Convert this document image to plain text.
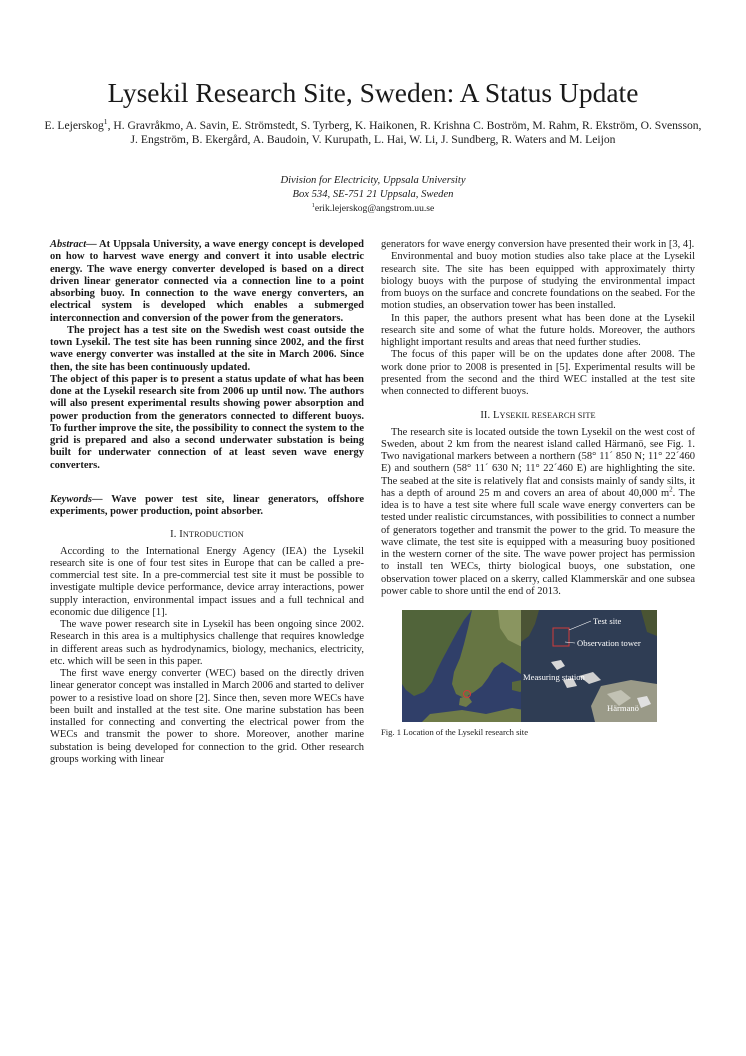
Lysekil Research Site, Sweden: A Status Update
E. Lejerskog$^1$, H. Gravråkmo, A. Savin, E. Strömstedt, S. Tyrberg, K. Haikonen, R. Krishna C. Boström, M. Rahm, R. Ekström, O. Svensson, J. Engström, B. Ekergård, A. Baudoin, V. Kurupath, L. Hai, W. Li, J. Sundberg, R. Waters and M. Leijon
Division for Electricity, Uppsala University
Box 534, SE-751 21 Uppsala, Sweden
$^1$erik.lejerskog@angstrom.uu.se

Abstract— At Uppsala University, a wave energy concept is developed on how to harvest wave energy and convert it into usable electric energy. The wave energy converter developed is based on a direct driven linear generator connected via a connection line to a point absorbing buoy. In connection to the wave energy converters, an electrical system is developed which enables a submerged interconnection and conversion of the power from the generators.

The project has a test site on the Swedish west coast outside the town Lysekil. The test site has been running since 2002, and the first wave energy converter was installed at the site in March 2006. Since then, the site has been continuously updated.

The object of this paper is to present a status update of what has been done at the Lysekil research site from 2006 up until now. The authors will also present experimental results showing power absorption and power production from the generators connected to different buoys. To further improve the site, the possibility to connect the system to the grid is prepared and also a second underwater substation is being built for underwater connection of at least seven wave energy converters.

Keywords— Wave power test site, linear generators, offshore experiments, power production, point absorber.

I. INTRODUCTION

According to the International Energy Agency (IEA) the Lysekil research site is one of four test sites in Europe that can be called a pre-commercial test site. In a pre-commercial test site it must be possible to investigate multiple device performance, device array interactions, power supply interaction, environmental impact issues and a full technical and economic due diligence [1].

The wave power research site in Lysekil has been ongoing since 2002. Research in this area is a multiphysics challenge that requires knowledge in different areas such as hydrodynamics, biology, mechanics, electricity, etc. which will be seen in this paper.

The first wave energy converter (WEC) based on the directly driven linear generator concept was installed in March 2006 and started to deliver power to a resistive load on shore [2]. Since then, seven more WECs have been built and installed at the test site. One marine substation has been installed for connecting and converting the electrical power from the WECs and transmit the power to shore. Moreover, another marine substation is being developed for connection to the grid. Other research groups working with linear

generators for wave energy conversion have presented their work in [3, 4].

Environmental and buoy motion studies also take place at the Lysekil research site. The site has been equipped with approximately thirty biology buoys with the purpose of studying the environmental impact from buoys on the surface and concrete foundations on the seabed. For the motion studies, an observation tower has been installed.

In this paper, the authors present what has been done at the Lysekil research site and some of what the future holds. Moreover, the authors highlight important results and areas that need further studies.

The focus of this paper will be on the updates done after 2008. The work done prior to 2008 is presented in [5]. Experimental results will be presented from the second and the third WEC installed at the test site when connected to different buoys.

II. LYSEKIL RESEARCH SITE

The research site is located outside the town Lysekil on the west cost of Sweden, about 2 km from the nearest island called Härmanö, see Fig. 1. Two navigational markers between a northern (58° 11´ 850 N; 11° 22´460 E) and southern (58° 11´ 630 N; 11° 22´460 E) are highlighting the site. The seabed at the site is relatively flat and consists mainly of sandy silts, it has a depth of around 25 m and covers an area of about 40,000 $m^2$. The idea is to have a test site where full scale wave energy converters can be tested under realistic circumstances, with possibilities to connect a number of generators together and transmit the power to the grid. To measure the wave climate, the test site is equipped with a measuring buoy positioned in the western corner of the site. The wave power project has permission to install ten WECs, thirty biological buoys, one substation, one observation tower placed on a skerry, called Klammerskär and one subsea power cable to shore until the end of 2013.

Test site
Observation tower
Measuring station
Härmanö
Fig. 1 Location of the Lysekil research site
